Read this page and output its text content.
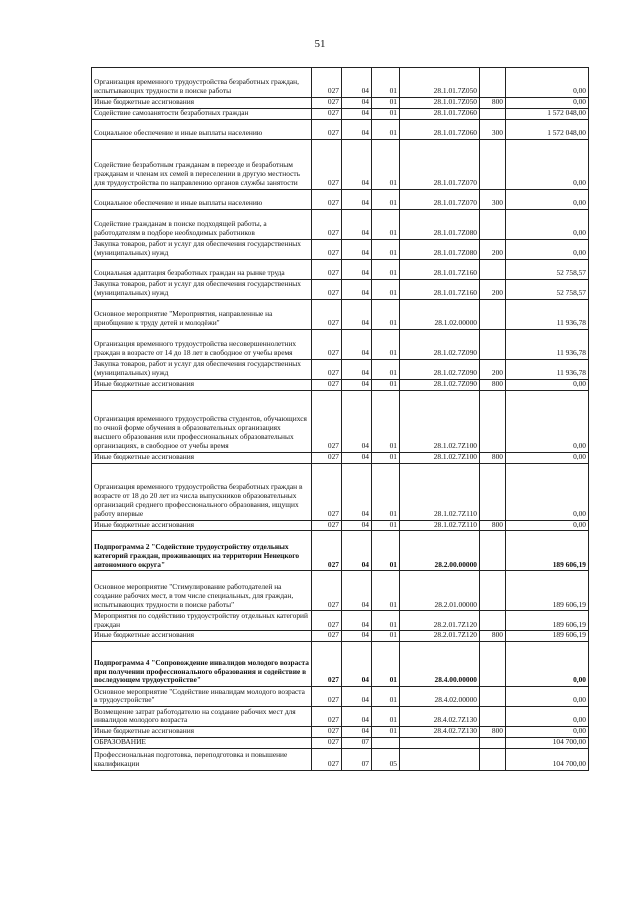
51
Организация временного трудоустройства безработных граждан, испытывающих трудности в поиске работы	027	04	01	28.1.01.7Z050		0,00
Иные бюджетные ассигнования	027	04	01	28.1.01.7Z050	800	0,00
Содействие самозанятости безработных граждан	027	04	01	28.1.01.7Z060		1 572 048,00
Социальное обеспечение и иные выплаты населению	027	04	01	28.1.01.7Z060	300	1 572 048,00
Содействие безработным гражданам в переезде и безработным гражданам и членам их семей в переселении в другую местность для трудоустройства по направлению органов службы занятости	027	04	01	28.1.01.7Z070		0,00
Социальное обеспечение и иные выплаты населению	027	04	01	28.1.01.7Z070	300	0,00
Содействие гражданам в поиске подходящей работы, а работодателям в подборе необходимых работников	027	04	01	28.1.01.7Z080		0,00
Закупка товаров, работ и услуг для обеспечения государственных (муниципальных) нужд	027	04	01	28.1.01.7Z080	200	0,00
Социальная адаптация безработных граждан на рынке труда	027	04	01	28.1.01.7Z160		52 758,57
Закупка товаров, работ и услуг для обеспечения государственных (муниципальных) нужд	027	04	01	28.1.01.7Z160	200	52 758,57
Основное мероприятие "Мероприятия, направленные на приобщение к труду детей и молодёжи"	027	04	01	28.1.02.00000		11 936,78
Организация временного трудоустройства несовершеннолетних граждан в возрасте от 14 до 18 лет в свободное от учебы время	027	04	01	28.1.02.7Z090		11 936,78
Закупка товаров, работ и услуг для обеспечения государственных (муниципальных) нужд	027	04	01	28.1.02.7Z090	200	11 936,78
Иные бюджетные ассигнования	027	04	01	28.1.02.7Z090	800	0,00
Организация временного трудоустройства студентов, обучающихся по очной форме обучения в образовательных организациях высшего образования или профессиональных образовательных организациях, в свободное от учебы время	027	04	01	28.1.02.7Z100		0,00
Иные бюджетные ассигнования	027	04	01	28.1.02.7Z100	800	0,00
Организация временного трудоустройства безработных граждан в возрасте от 18 до 20 лет из числа выпускников образовательных организаций среднего профессионального образования, ищущих работу впервые	027	04	01	28.1.02.7Z110		0,00
Иные бюджетные ассигнования	027	04	01	28.1.02.7Z110	800	0,00
Подпрограмма 2 "Содействие трудоустройству отдельных категорий граждан, проживающих на территории Ненецкого автономного округа"	027	04	01	28.2.00.00000		189 606,19
Основное мероприятие "Стимулирование работодателей на создание рабочих мест, в том числе специальных, для граждан, испытывающих трудности в поиске работы"	027	04	01	28.2.01.00000		189 606,19
Мероприятия по содействию трудоустройству отдельных категорий граждан	027	04	01	28.2.01.7Z120		189 606,19
Иные бюджетные ассигнования	027	04	01	28.2.01.7Z120	800	189 606,19
Подпрограмма 4 "Сопровождение инвалидов молодого возраста при получении профессионального образования и содействие в последующем трудоустройстве"	027	04	01	28.4.00.00000		0,00
Основное мероприятие "Содействие инвалидам молодого возраста в трудоустройстве"	027	04	01	28.4.02.00000		0,00
Возмещение затрат работодателю на создание рабочих мест для инвалидов молодого возраста	027	04	01	28.4.02.7Z130		0,00
Иные бюджетные ассигнования	027	04	01	28.4.02.7Z130	800	0,00
ОБРАЗОВАНИЕ	027	07				104 700,00
Профессиональная подготовка, переподготовка и повышение квалификации	027	07	05			104 700,00
